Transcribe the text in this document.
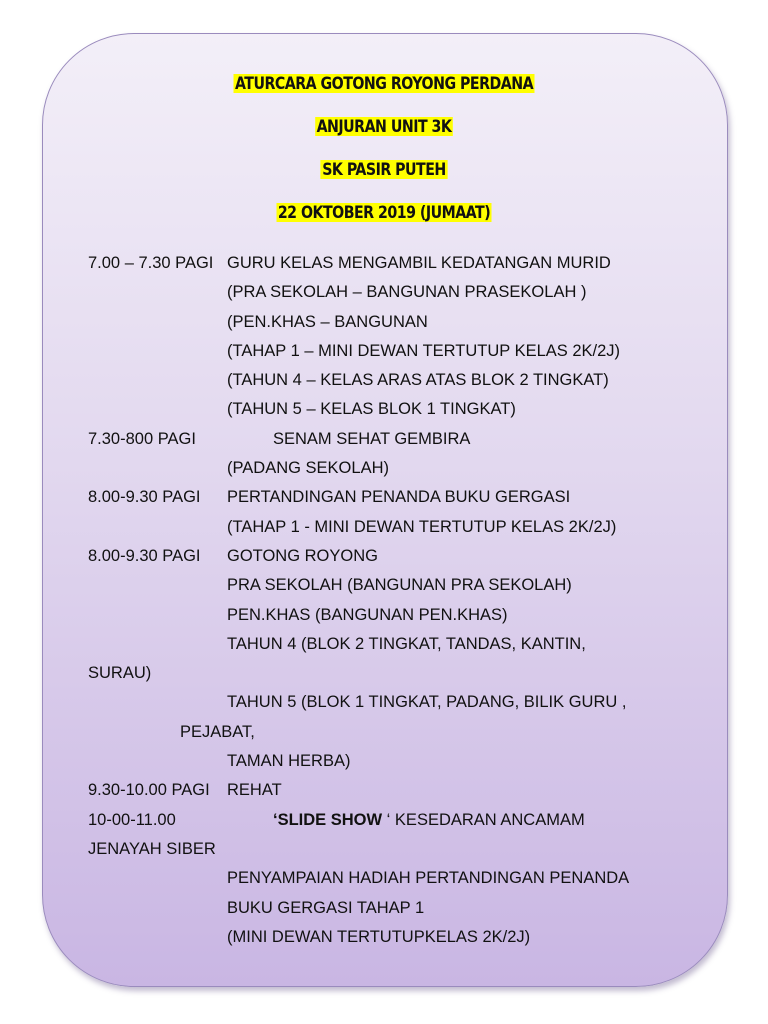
ATURCARA GOTONG ROYONG PERDANA
ANJURAN UNIT 3K
SK PASIR PUTEH
22 OKTOBER 2019 (JUMAAT)
7.00 – 7.30 PAGI GURU KELAS MENGAMBIL KEDATANGAN MURID
(PRA SEKOLAH – BANGUNAN PRASEKOLAH )
(PEN.KHAS – BANGUNAN
(TAHAP 1 – MINI DEWAN TERTUTUP KELAS 2K/2J)
(TAHUN 4 – KELAS ARAS ATAS BLOK 2 TINGKAT)
(TAHUN 5 – KELAS BLOK 1 TINGKAT)
7.30-800 PAGI	SENAM SEHAT GEMBIRA
(PADANG SEKOLAH)
8.00-9.30 PAGI PERTANDINGAN PENANDA BUKU GERGASI
(TAHAP 1 - MINI DEWAN TERTUTUP KELAS 2K/2J)
8.00-9.30 PAGI GOTONG ROYONG
PRA SEKOLAH (BANGUNAN PRA SEKOLAH)
PEN.KHAS (BANGUNAN PEN.KHAS)
TAHUN 4 (BLOK 2 TINGKAT, TANDAS, KANTIN,
SURAU)
TAHUN 5 (BLOK 1 TINGKAT, PADANG, BILIK GURU ,
PEJABAT,
TAMAN HERBA)
9.30-10.00 PAGI REHAT
10-00-11.00	‘SLIDE SHOW ‘ KESEDARAN ANCAMAM
JENAYAH SIBER
PENYAMPAIAN HADIAH PERTANDINGAN PENANDA
BUKU GERGASI TAHAP 1
(MINI DEWAN TERTUTUPKELAS 2K/2J)
